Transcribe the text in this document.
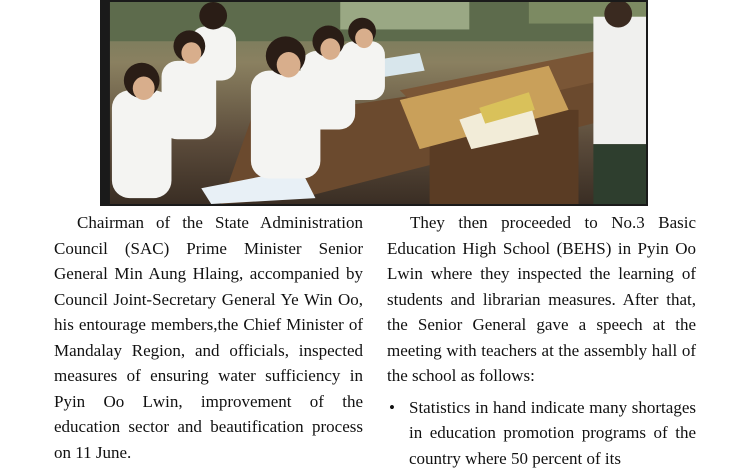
Chairman of the State Administration Council (SAC) Prime Minister Senior General Min Aung Hlaing, accompanied by Council Joint-Secretary General Ye Win Oo, his entourage members,the Chief Minister of Mandalay Region, and officials, inspected measures of ensuring water sufficiency in Pyin Oo Lwin, improvement of the education sector and beautification process on 11 June.

They then proceeded to No.3 Basic Education High School (BEHS) in Pyin Oo Lwin where they inspected the learning of students and librarian measures. After that, the Senior General gave a speech at the meeting with teachers at the assembly hall of the school as follows:

• Statistics in hand indicate many shortages in education promotion programs of the country where 50 percent of its
